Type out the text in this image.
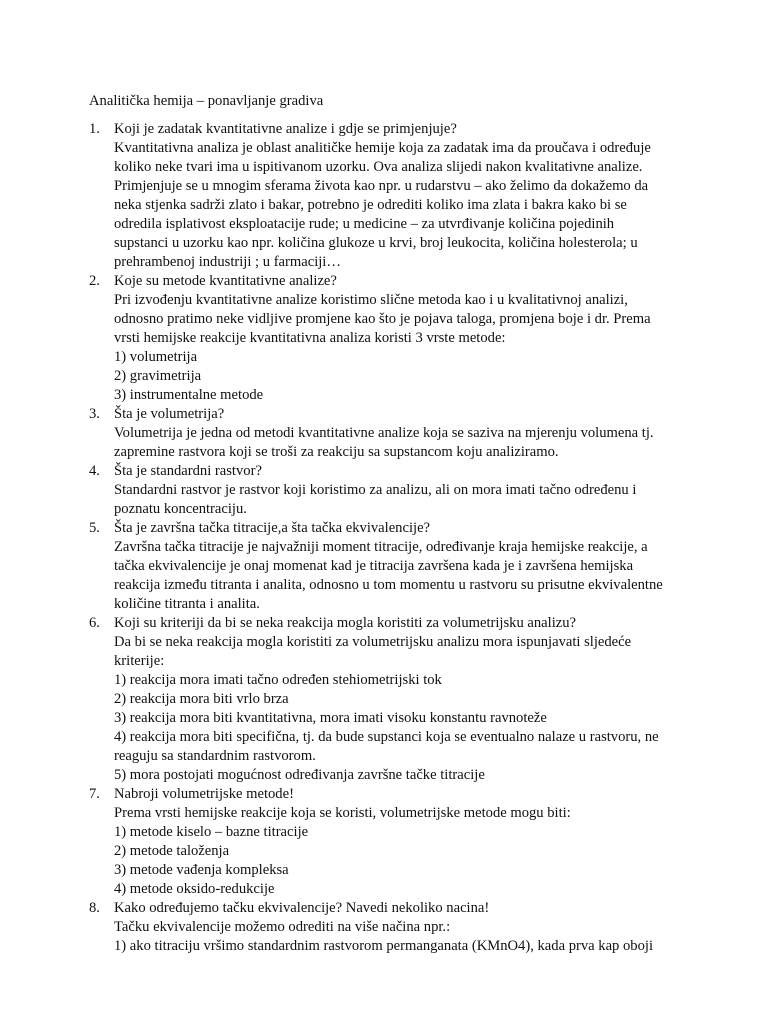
Analitička hemija – ponavljanje gradiva
1. Koji je zadatak kvantitativne analize i gdje se primjenjuje?
Kvantitativna analiza je oblast analitičke hemije koja za zadatak ima da proučava i određuje
koliko neke tvari ima u ispitivanom uzorku. Ova analiza slijedi nakon kvalitativne analize.
Primjenjuje se u mnogim sferama života kao npr. u rudarstvu – ako želimo da dokažemo da
neka stjenka sadrži zlato i bakar, potrebno je odrediti koliko ima zlata i bakra kako bi se
odredila isplativost eksploatacije rude; u medicine – za utvrđivanje količina pojedinih
supstanci u uzorku kao npr. količina glukoze u krvi, broj leukocita, količina holesterola; u
prehrambenoj industriji ; u farmaciji…
2. Koje su metode kvantitativne analize?
Pri izvođenju kvantitativne analize koristimo slične metoda kao i u kvalitativnoj analizi,
odnosno pratimo neke vidljive promjene kao što je pojava taloga, promjena boje i dr. Prema
vrsti hemijske reakcije kvantitativna analiza koristi 3 vrste metode:
1) volumetrija
2) gravimetrija
3) instrumentalne metode
3. Šta je volumetrija?
Volumetrija je jedna od metodi kvantitativne analize koja se saziva na mjerenju volumena tj.
zapremine rastvora koji se troši za reakciju sa supstancom koju analiziramo.
4. Šta je standardni rastvor?
Standardni rastvor je rastvor koji koristimo za analizu, ali on mora imati tačno određenu i
poznatu koncentraciju.
5. Šta je završna tačka titracije,a šta tačka ekvivalencije?
Završna tačka titracije je najvažniji moment titracije, određivanje kraja hemijske reakcije, a
tačka ekvivalencije je onaj momenat kad je titracija završena kada je i završena hemijska
reakcija između titranta i analita, odnosno u tom momentu u rastvoru su prisutne ekvivalentne
količine titranta i analita.
6. Koji su kriteriji da bi se neka reakcija mogla koristiti za volumetrijsku analizu?
Da bi se neka reakcija mogla koristiti za volumetrijsku analizu mora ispunjavati sljedeće
kriterije:
1) reakcija mora imati tačno određen stehiometrijski tok
2) reakcija mora biti vrlo brza
3) reakcija mora biti kvantitativna, mora imati visoku konstantu ravnoteže
4) reakcija mora biti specifična, tj. da bude supstanci koja se eventualno nalaze u rastvoru, ne
reaguju sa standardnim rastvorom.
5) mora postojati mogućnost određivanja završne tačke titracije
7. Nabroji volumetrijske metode!
Prema vrsti hemijske reakcije koja se koristi, volumetrijske metode mogu biti:
1) metode kiselo – bazne titracije
2) metode taloženja
3) metode vađenja kompleksa
4) metode oksido-redukcije
8. Kako određujemo tačku ekvivalencije? Navedi nekoliko nacina!
Tačku ekvivalencije možemo odrediti na više načina npr.:
1) ako titraciju vršimo standardnim rastvorom permanganata (KMnO4), kada prva kap oboji
